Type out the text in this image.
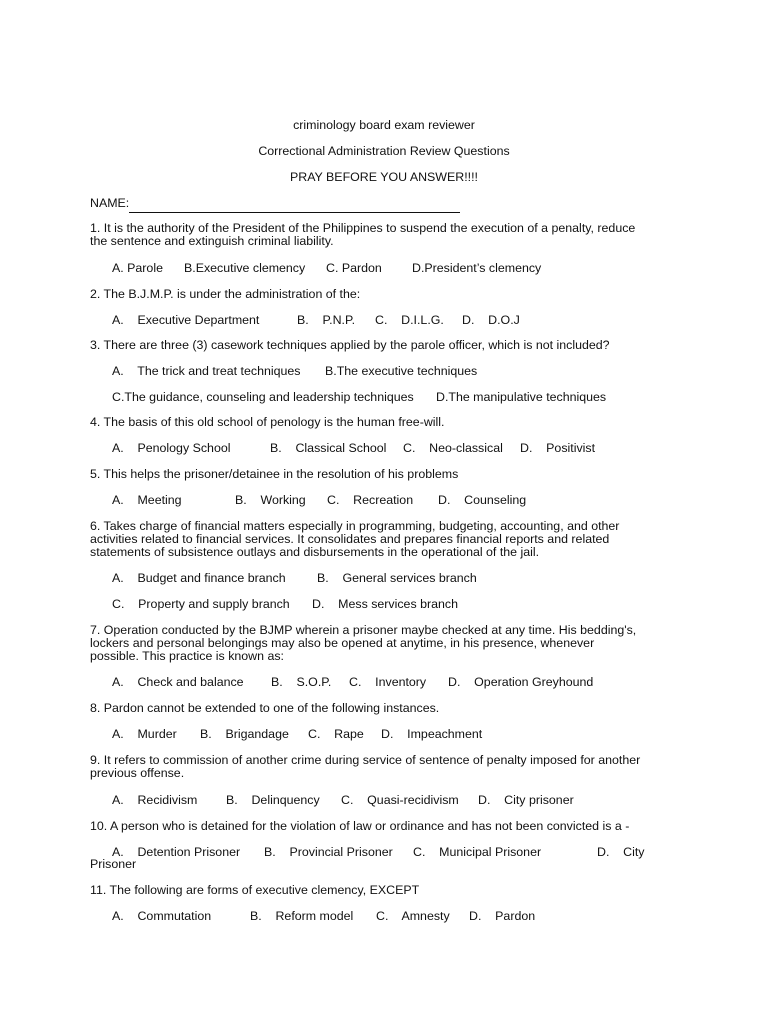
criminology board exam reviewer
Correctional Administration Review Questions
PRAY BEFORE YOU ANSWER!!!!
NAME:
1. It is the authority of the President of the Philippines to suspend the execution of a penalty, reduce
the sentence and extinguish criminal liability.
A. Parole B.Executive clemency C. Pardon D.President’s clemency
2. The B.J.M.P. is under the administration of the:
A.    Executive Department	B.    P.N.P. C.    D.I.L.G. D.    D.O.J
3. There are three (3) casework techniques applied by the parole officer, which is not included?
A.    The trick and treat techniques B.The executive techniques
C.The guidance, counseling and leadership techniques D.The manipulative techniques
4. The basis of this old school of penology is the human free-will.
A.    Penology School	B.    Classical School C.    Neo-classical D.    Positivist
5. This helps the prisoner/detainee in the resolution of his problems
A.    Meeting	B.    Working C.    Recreation D.    Counseling
6. Takes charge of financial matters especially in programming, budgeting, accounting, and other
activities related to financial services. It consolidates and prepares financial reports and related
statements of subsistence outlays and disbursements in the operational of the jail.
A.    Budget and finance branch	B.    General services branch
C.    Property and supply branch D.    Mess services branch
7. Operation conducted by the BJMP wherein a prisoner maybe checked at any time. His bedding's,
lockers and personal belongings may also be opened at anytime, in his presence, whenever
possible. This practice is known as:
A.    Check and balance B.    S.O.P. C.    Inventory D.    Operation Greyhound
8. Pardon cannot be extended to one of the following instances.
A.    Murder B.    Brigandage C.    Rape D.    Impeachment
9. It refers to commission of another crime during service of sentence of penalty imposed for another
previous offense.
A.    Recidivism B.    Delinquency C.    Quasi-recidivism D.    City prisoner
10. A person who is detained for the violation of law or ordinance and has not been convicted is a -
A.    Detention Prisoner B.    Provincial Prisoner C.    Municipal Prisoner	D.    City
Prisoner
11. The following are forms of executive clemency, EXCEPT
A.    Commutation	B.    Reform model C.    Amnesty D.    Pardon
